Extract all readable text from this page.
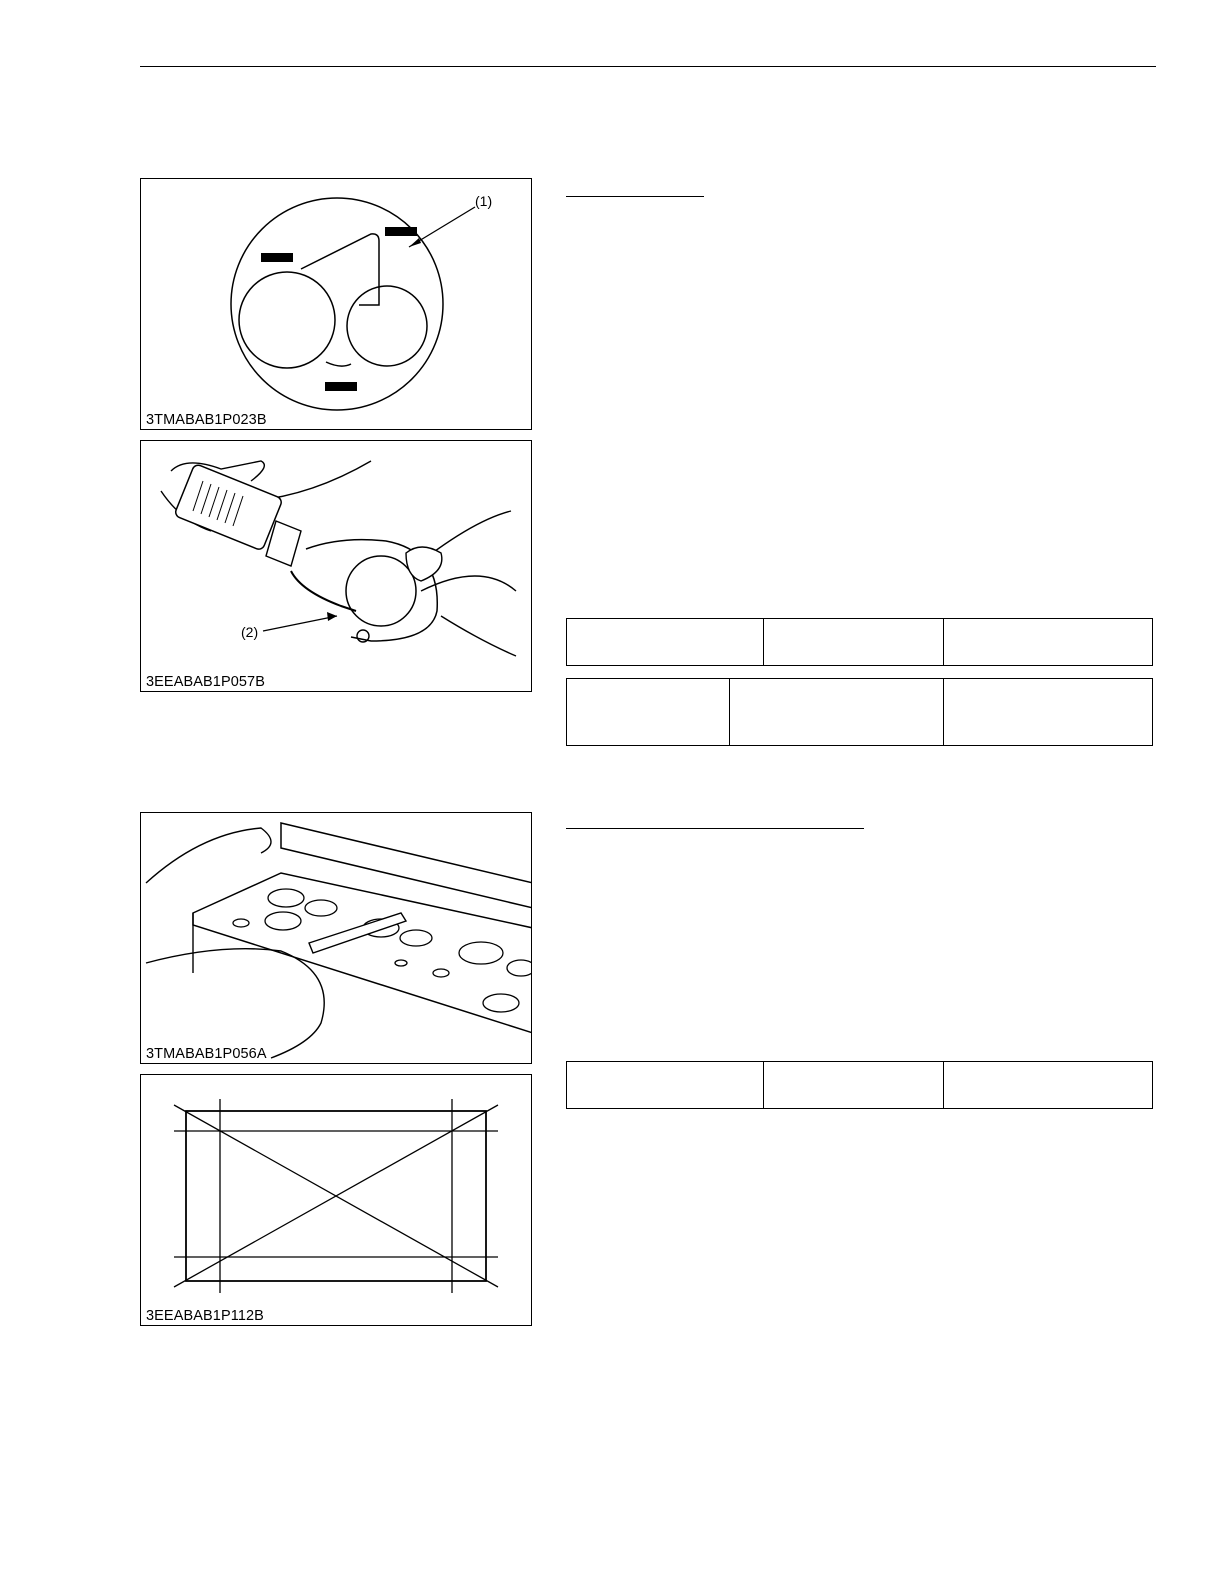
(1)
3TMABAB1P023B
(2)
3EEABAB1P057B
3TMABAB1P056A
3EEABAB1P112B
